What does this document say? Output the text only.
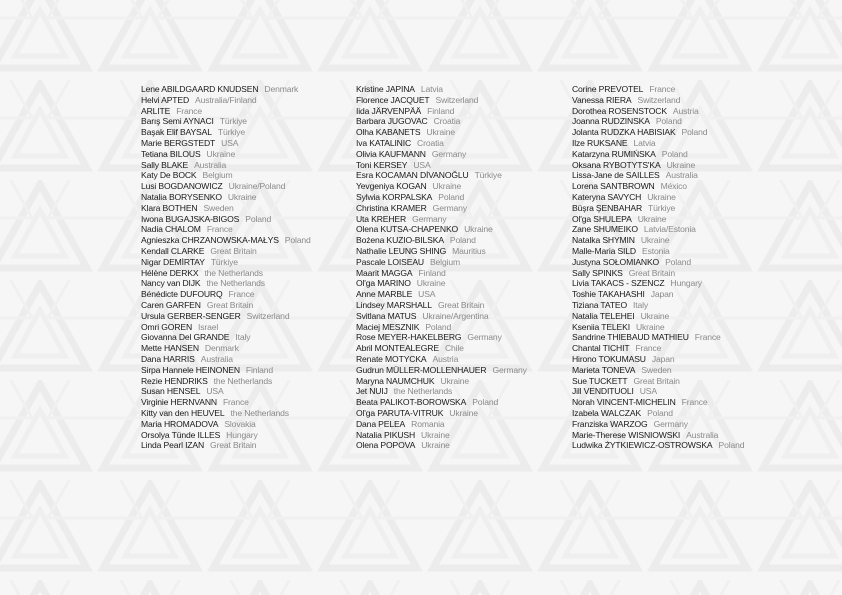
Lene ABILDGAARD KNUDSEN Denmark
Helvi APTED Australia/Finland
ARLITE France
Barış Semi AYNACI Türkiye
Başak Elif BAYSAL Türkiye
Marie BERGSTEDT USA
Tetiana BILOUS Ukraine
Sally BLAKE Australia
Katy De BOCK Belgium
Lusi BOGDANOWICZ Ukraine/Poland
Natalia BORYSENKO Ukraine
Klara BOTHEN Sweden
Iwona BUGAJSKA-BIGOS Poland
Nadia CHALOM France
Agnieszka CHRZANOWSKA-MAŁYS Poland
Kendall CLARKE Great Britain
Nigar DEMİRTAY Türkiye
Hélène DERKX the Netherlands
Nancy van DIJK the Netherlands
Bénédicte DUFOURQ France
Caren GARFEN Great Britain
Ursula GERBER-SENGER Switzerland
Omri GOREN Israel
Giovanna Del GRANDE Italy
Mette HANSEN Denmark
Dana HARRIS Australia
Sirpa Hannele HEINONEN Finland
Rezie HENDRIKS the Netherlands
Susan HENSEL USA
Virginie HERNVANN France
Kitty van den HEUVEL the Netherlands
Maria HROMADOVA Slovakia
Orsolya Tünde ILLES Hungary
Linda Pearl IZAN Great Britain
Kristine JAPINA Latvia
Florence JACQUET Switzerland
Iida JÄRVENPÄÄ Finland
Barbara JUGOVAC Croatia
Olha KABANETS Ukraine
Iva KATALINIC Croatia
Olivia KAUFMANN Germany
Toni KERSEY USA
Esra KOCAMAN DİVANOĞLU Türkiye
Yevgeniya KOGAN Ukraine
Sylwia KORPALSKA Poland
Christina KRAMER Germany
Uta KREHER Germany
Olena KUTSA-CHAPENKO Ukraine
Bożena KUZIO-BILSKA Poland
Nathalie LEUNG SHING Mauritius
Pascale LOISEAU Belgium
Maarit MAGGA Finland
Ol'ga MARINO Ukraine
Anne MARBLE USA
Lindsey MARSHALL Great Britain
Svitlana MATUS Ukraine/Argentina
Maciej MESZNIK Poland
Rose MEYER-HAKELBERG Germany
Abril MONTEALEGRE Chile
Renate MOTYCKA Austria
Gudrun MÜLLER-MOLLENHAUER Germany
Maryna NAUMCHUK Ukraine
Jet NUIJ the Netherlands
Beata PALIKOT-BOROWSKA Poland
Ol'ga PARUTA-VITRUK Ukraine
Dana PELEA Romania
Natalia PIKUSH Ukraine
Olena POPOVA Ukraine
Corine PREVOTEL France
Vanessa RIERA Switzerland
Dorothea ROSENSTOCK Austria
Joanna RUDZINSKA Poland
Jolanta RUDZKA HABISIAK Poland
Ilze RUKSANE Latvia
Katarzyna RUMIŃSKA Poland
Oksana RYBOTYTS'KA Ukraine
Lissa-Jane de SAILLES Australia
Lorena SANTBROWN México
Kateryna SAVYCH Ukraine
Büşra ŞENBAHAR Türkiye
Ol'ga SHULEPA Ukraine
Zane SHUMEIKO Latvia/Estonia
Natalka SHYMIN Ukraine
Malle-Maria SILD Estonia
Justyna SOŁOMIANKO Poland
Sally SPINKS Great Britain
Livia TAKACS - SZENCZ Hungary
Toshie TAKAHASHI Japan
Tiziana TATEO Italy
Natalia TELEHEI Ukraine
Kseniia TELEKI Ukraine
Sandrine THIEBAUD MATHIEU France
Chantal TICHIT France
Hirono TOKUMASU Japan
Marieta TONEVA Sweden
Sue TUCKETT Great Britain
Jill VENDITUOLI USA
Norah VINCENT-MICHELIN France
Izabela WALCZAK Poland
Franziska WARZOG Germany
Marie-Therese WISNIOWSKI Australia
Ludwika ŻYTKIEWICZ-OSTROWSKA Poland
